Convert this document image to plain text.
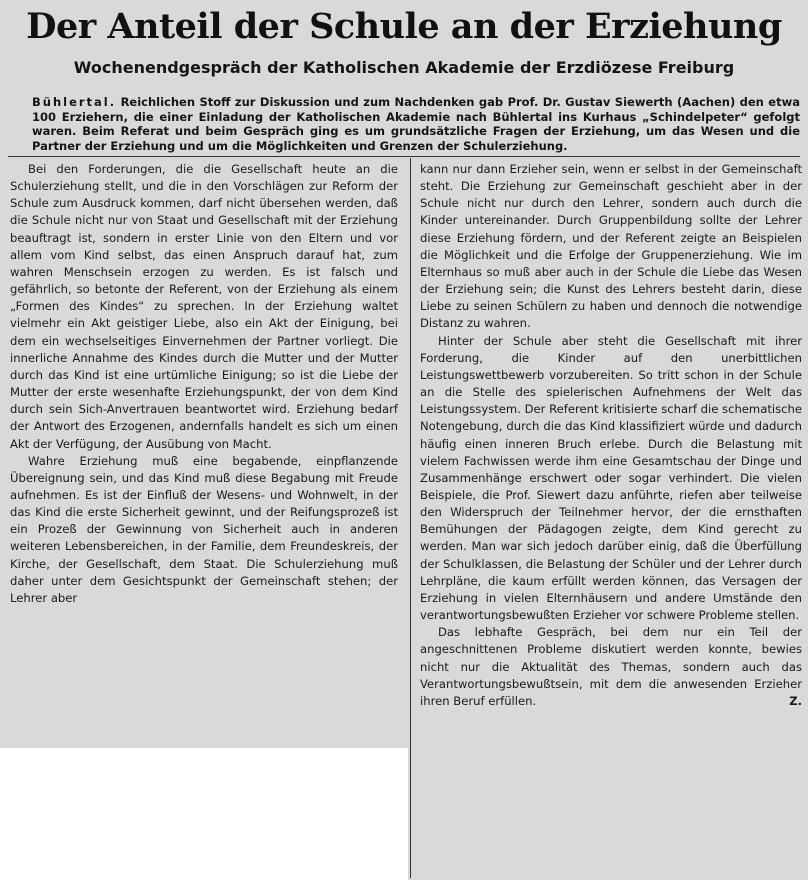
Der Anteil der Schule an der Erziehung
Wochenendgespräch der Katholischen Akademie der Erzdiözese Freiburg
Bühlertal. Reichlichen Stoff zur Diskussion und zum Nachdenken gab Prof. Dr. Gustav Siewerth (Aachen) den etwa 100 Erziehern, die einer Einladung der Katholischen Akademie nach Bühlertal ins Kurhaus „Schindelpeter“ gefolgt waren. Beim Referat und beim Gespräch ging es um grundsätzliche Fragen der Erziehung, um das Wesen und die Partner der Erziehung und um die Möglichkeiten und Grenzen der Schulerziehung.

Bei den Forderungen, die die Gesellschaft heute an die Schulerziehung stellt, und die in den Vorschlägen zur Reform der Schule zum Ausdruck kommen, darf nicht übersehen werden, daß die Schule nicht nur von Staat und Gesellschaft mit der Erziehung beauftragt ist, sondern in erster Linie von den Eltern und vor allem vom Kind selbst, das einen Anspruch darauf hat, zum wahren Menschsein erzogen zu werden. Es ist falsch und gefährlich, so betonte der Referent, von der Erziehung als einem „Formen des Kindes“ zu sprechen. In der Erziehung waltet vielmehr ein Akt geistiger Liebe, also ein Akt der Einigung, bei dem ein wechselseitiges Einvernehmen der Partner vorliegt. Die innerliche Annahme des Kindes durch die Mutter und der Mutter durch das Kind ist eine urtümliche Einigung; so ist die Liebe der Mutter der erste wesenhafte Erziehungspunkt, der von dem Kind durch sein Sich-Anvertrauen beantwortet wird. Erziehung bedarf der Antwort des Erzogenen, andernfalls handelt es sich um einen Akt der Verfügung, der Ausübung von Macht.

Wahre Erziehung muß eine begabende, einpflanzende Übereignung sein, und das Kind muß diese Begabung mit Freude aufnehmen. Es ist der Einfluß der Wesens- und Wohnwelt, in der das Kind die erste Sicherheit gewinnt, und der Reifungsprozeß ist ein Prozeß der Gewinnung von Sicherheit auch in anderen weiteren Lebensbereichen, in der Familie, dem Freundeskreis, der Kirche, der Gesellschaft, dem Staat. Die Schulerziehung muß daher unter dem Gesichtspunkt der Gemeinschaft stehen; der Lehrer aber

kann nur dann Erzieher sein, wenn er selbst in der Gemeinschaft steht. Die Erziehung zur Gemeinschaft geschieht aber in der Schule nicht nur durch den Lehrer, sondern auch durch die Kinder untereinander. Durch Gruppenbildung sollte der Lehrer diese Erziehung fördern, und der Referent zeigte an Beispielen die Möglichkeit und die Erfolge der Gruppenerziehung. Wie im Elternhaus so muß aber auch in der Schule die Liebe das Wesen der Erziehung sein; die Kunst des Lehrers besteht darin, diese Liebe zu seinen Schülern zu haben und dennoch die notwendige Distanz zu wahren.

Hinter der Schule aber steht die Gesellschaft mit ihrer Forderung, die Kinder auf den unerbittlichen Leistungswettbewerb vorzubereiten. So tritt schon in der Schule an die Stelle des spielerischen Aufnehmens der Welt das Leistungssystem. Der Referent kritisierte scharf die schematische Notengebung, durch die das Kind klassifiziert würde und dadurch häufig einen inneren Bruch erlebe. Durch die Belastung mit vielem Fachwissen werde ihm eine Gesamtschau der Dinge und Zusammenhänge erschwert oder sogar verhindert. Die vielen Beispiele, die Prof. Siewert dazu anführte, riefen aber teilweise den Widerspruch der Teilnehmer hervor, der die ernsthaften Bemühungen der Pädagogen zeigte, dem Kind gerecht zu werden. Man war sich jedoch darüber einig, daß die Überfüllung der Schulklassen, die Belastung der Schüler und der Lehrer durch Lehrpläne, die kaum erfüllt werden können, das Versagen der Erziehung in vielen Elternhäusern und andere Umstände den verantwortungsbewußten Erzieher vor schwere Probleme stellen.

Das lebhafte Gespräch, bei dem nur ein Teil der angeschnittenen Probleme diskutiert werden konnte, bewies nicht nur die Aktualität des Themas, sondern auch das Verantwortungsbewußtsein, mit dem die anwesenden Erzieher ihren Beruf erfüllen.	Z.
